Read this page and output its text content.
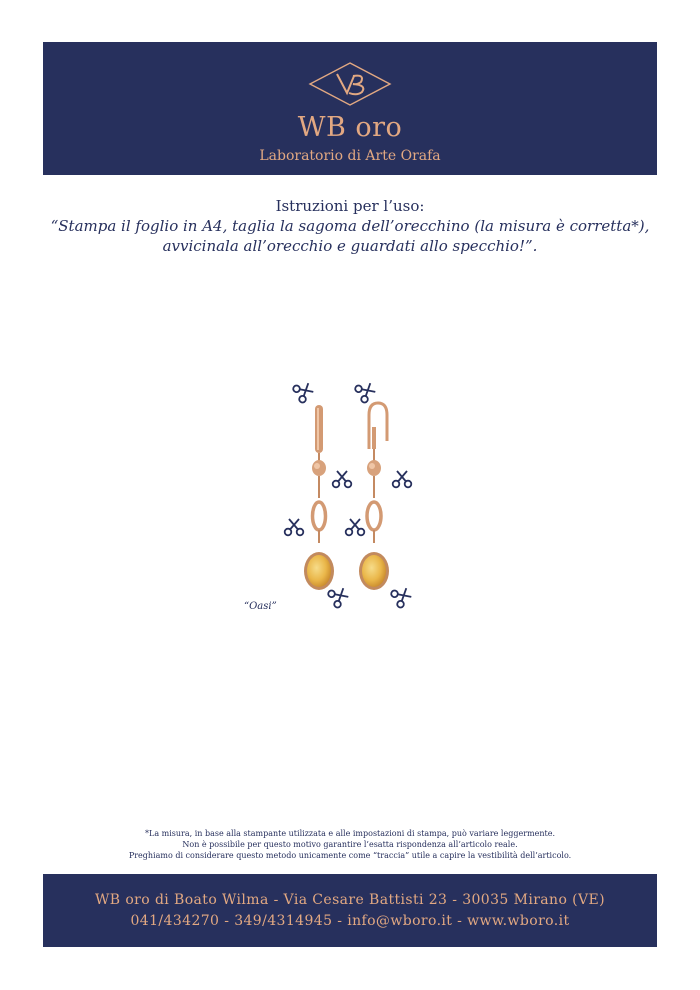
WB oro
Laboratorio di Arte Orafa
Istruzioni per l’uso:
“Stampa il foglio in A4, taglia la sagoma dell’orecchino (la misura è corretta*),
avvicinala all’orecchio e guardati allo specchio!”.
“Oasi”
*La misura, in base alla stampante utilizzata e alle impostazioni di stampa, può variare leggermente.
Non è possibile per questo motivo garantire l’esatta rispondenza all’articolo reale.
Preghiamo di considerare questo metodo unicamente come “traccia” utile a capire la vestibilità dell’articolo.
WB oro di Boato Wilma - Via Cesare Battisti 23 - 30035 Mirano (VE)
041/434270 - 349/4314945 - info@wboro.it - www.wboro.it
